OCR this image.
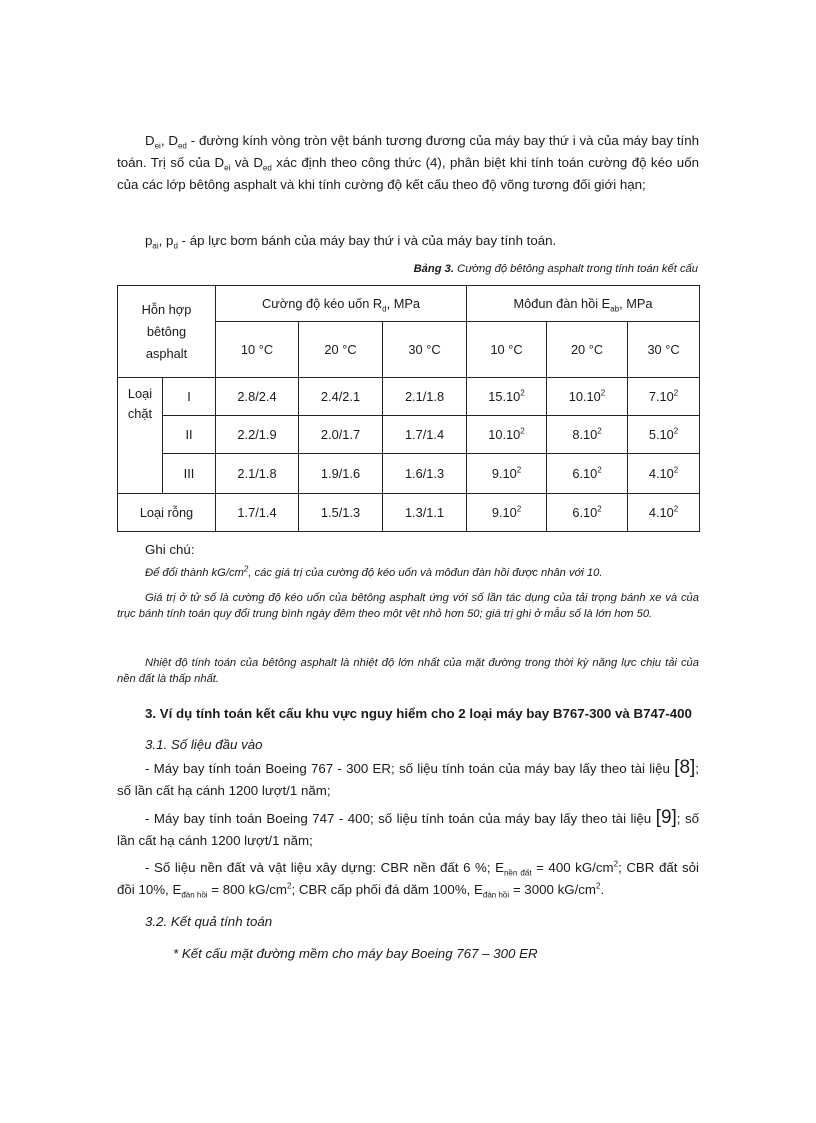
$D_{ei}$, $D_{ed}$ - đường kính vòng tròn vệt bánh tương đương của máy bay thứ i và của máy bay tính toán. Trị số của $D_{ei}$ và $D_{ed}$ xác định theo công thức (4), phân biệt khi tính toán cường độ kéo uốn của các lớp bêtông asphalt và khi tính cường độ kết cấu theo độ võng tương đối giới hạn;

$p_{ai}$, $p_d$ - áp lực bơm bánh của máy bay thứ i và của máy bay tính toán.

Bảng 3. Cường độ bêtông asphalt trong tính toán kết cấu
Hỗn hợp bêtông asphalt		Cường độ kéo uốn $R_d$, MPa			Môđun đàn hồi $E_{ab}$, MPa		
		10 °C	20 °C	30 °C	10 °C	20 °C	30 °C
Loại chặt	I	2.8/2.4	2.4/2.1	2.1/1.8	15.10$^2$	10.10$^2$	7.10$^2$
	II	2.2/1.9	2.0/1.7	1.7/1.4	10.10$^2$	8.10$^2$	5.10$^2$
	III	2.1/1.8	1.9/1.6	1.6/1.3	9.10$^2$	6.10$^2$	4.10$^2$
Loại rỗng		1.7/1.4	1.5/1.3	1.3/1.1	9.10$^2$	6.10$^2$	4.10$^2$
Ghi chú:

Để đổi thành $kG/cm^2$, các giá trị của cường độ kéo uốn và môđun đàn hồi được nhân với 10.

Giá trị ở tử số là cường độ kéo uốn của bêtông asphalt ứng với số lần tác dụng của tải trọng bánh xe và của trục bánh tính toán quy đổi trung bình ngày đêm theo một vệt nhỏ hơn 50; giá trị ghi ở mẫu số là lớn hơn 50.

Nhiệt độ tính toán của bêtông asphalt là nhiệt độ lớn nhất của mặt đường trong thời kỳ năng lực chịu tải của nền đất là thấp nhất.

3. Ví dụ tính toán kết cấu khu vực nguy hiểm cho 2 loại máy bay B767-300 và B747-400
3.1. Số liệu đầu vào

- Máy bay tính toán Boeing 767 - 300 ER; số liệu tính toán của máy bay lấy theo tài liệu [8]; số lần cất hạ cánh 1200 lượt/1 năm;

- Máy bay tính toán Boeing 747 - 400; số liệu tính toán của máy bay lấy theo tài liệu [9]; số lần cất hạ cánh 1200 lượt/1 năm;

- Số liệu nền đất và vật liệu xây dựng: CBR nền đất 6 %; $E_{nền đất} = 400$ $kG/cm^2$; CBR đất sỏi đồi 10%, $E_{đàn hồi} = 800$ $kG/cm^2$; CBR cấp phối đá dăm 100%, $E_{đàn hồi} = 3000$ $kG/cm^2$.

3.2. Kết quả tính toán
* Kết cấu mặt đường mềm cho máy bay Boeing 767 – 300 ER
